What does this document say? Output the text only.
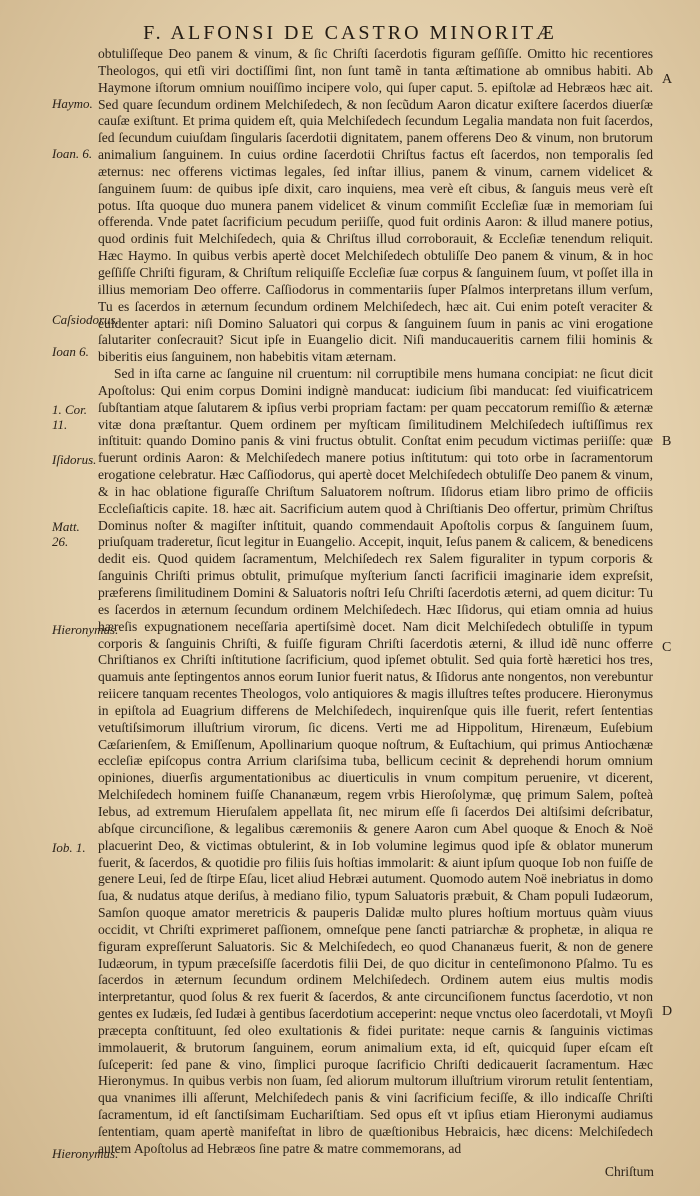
F. ALFONSI DE CASTRO MINORITÆ

obtuliſſeque Deo panem & vinum, & ſic Chriſti ſacerdotis figuram geſſiſſe. Omitto hic recentiores Theologos, qui etſi viri doctiſſimi ſint, non ſunt tamẽ in tanta æſtimatione ab omnibus habiti. Ab Haymone iſtorum omnium nouiſſimo incipere volo, qui ſuper caput. 5. epiſtolæ ad Hebræos hæc ait. Sed quare ſecundum ordinem Melchiſedech, & non ſecũdum Aaron dicatur exiſtere ſacerdos diuerſæ cauſæ exiſtunt. Et prima quidem eſt, quia Melchiſedech ſecundum Legalia mandata non fuit ſacerdos, ſed ſecundum cuiuſdam ſingularis ſacerdotii dignitatem, panem offerens Deo & vinum, non brutorum animalium ſanguinem. In cuius ordine ſacerdotii Chriſtus factus eſt ſacerdos, non temporalis ſed æternus: nec offerens victimas legales, ſed inſtar illius, panem & vinum, carnem videlicet & ſanguinem ſuum: de quibus ipſe dixit, caro inquiens, mea verè eſt cibus, & ſanguis meus verè eſt potus. Iſta quoque duo munera panem videlicet & vinum commiſit Eccleſiæ ſuæ in memoriam ſui offerenda. Vnde patet ſacrificium pecudum periiſſe, quod fuit ordinis Aaron: & illud manere potius, quod ordinis fuit Melchiſedech, quia & Chriſtus illud corroborauit, & Eccleſiæ tenendum reliquit. Hæc Haymo. In quibus verbis apertè docet Melchiſedech obtuliſſe Deo panem & vinum, & in hoc geſſiſſe Chriſti figuram, & Chriſtum reliquiſſe Eccleſiæ ſuæ corpus & ſanguinem ſuum, vt poſſet illa in illius memoriam Deo offerre. Caſſiodorus in commentariis ſuper Pſalmos interpretans illum verſum, Tu es ſacerdos in æternum ſecundum ordinem Melchiſedech, hæc ait. Cui enim poteſt veraciter & euidenter aptari: niſi Domino Saluatori qui corpus & ſanguinem ſuum in panis ac vini erogatione ſalutariter conſecrauit? Sicut ipſe in Euangelio dicit. Niſi manducaueritis carnem filii hominis & biberitis eius ſanguinem, non habebitis vitam æternam.

Sed in iſta carne ac ſanguine nil cruentum: nil corruptibile mens humana concipiat: ne ſicut dicit Apoſtolus: Qui enim corpus Domini indignè manducat: iudicium ſibi manducat: ſed viuificatricem ſubſtantiam atque ſalutarem & ipſius verbi propriam factam: per quam peccatorum remiſſio & æternæ vitæ dona præſtantur. Quem ordinem per myſticam ſimilitudinem Melchiſedech iuſtiſſimus rex inſtituit: quando Domino panis & vini fructus obtulit. Conſtat enim pecudum victimas periiſſe: quæ fuerunt ordinis Aaron: & Melchiſedech manere potius inſtitutum: qui toto orbe in ſacramentorum erogatione celebratur. Hæc Caſſiodorus, qui apertè docet Melchiſedech obtuliſſe Deo panem & vinum, & in hac oblatione figuraſſe Chriſtum Saluatorem noſtrum. Iſidorus etiam libro primo de officiis Eccleſiaſticis capite. 18. hæc ait. Sacrificium autem quod à Chriſtianis Deo offertur, primùm Chriſtus Dominus noſter & magiſter inſtituit, quando commendauit Apoſtolis corpus & ſanguinem ſuum, priuſquam traderetur, ſicut legitur in Euangelio. Accepit, inquit, Ieſus panem & calicem, & benedicens dedit eis. Quod quidem ſacramentum, Melchiſedech rex Salem figuraliter in typum corporis & ſanguinis Chriſti primus obtulit, primuſque myſterium ſancti ſacrificii imaginarie idem expreſsit, præferens ſimilitudinem Domini & Saluatoris noſtri Ieſu Chriſti ſacerdotis æterni, ad quem dicitur: Tu es ſacerdos in æternum ſecundum ordinem Melchiſedech. Hæc Iſidorus, qui etiam omnia ad huius hæreſis expugnationem neceſſaria apertiſsimè docet. Nam dicit Melchiſedech obtuliſſe in typum corporis & ſanguinis Chriſti, & fuiſſe figuram Chriſti ſacerdotis æterni, & illud idẽ nunc offerre Chriſtianos ex Chriſti inſtitutione ſacrificium, quod ipſemet obtulit. Sed quia fortè hæretici hos tres, quamuis ante ſeptingentos annos eorum Iunior fuerit natus, & Iſidorus ante nongentos, non verebuntur reiicere tanquam recentes Theologos, volo antiquiores & magis illuſtres teſtes producere. Hieronymus in epiſtola ad Euagrium differens de Melchiſedech, inquirenſque quis ille fuerit, refert ſententias vetuſtiſsimorum illuſtrium virorum, ſic dicens. Verti me ad Hippolitum, Hirenæum, Euſebium Cæſarienſem, & Emiſſenum, Apollinarium quoque noſtrum, & Euſtachium, qui primus Antiochænæ eccleſiæ epiſcopus contra Arrium clariſsima tuba, bellicum cecinit & deprehendi horum omnium opiniones, diuerſis argumentationibus ac diuerticulis in vnum compitum peruenire, vt dicerent, Melchiſedech hominem fuiſſe Chananæum, regem vrbis Hieroſolymæ, quę primum Salem, poſteà Iebus, ad extremum Hieruſalem appellata ſit, nec mirum eſſe ſi ſacerdos Dei altiſsimi deſcribatur, abſque circunciſione, & legalibus cæremoniis & genere Aaron cum Abel quoque & Enoch & Noë placuerint Deo, & victimas obtulerint, & in Iob volumine legimus quod ipſe & oblator munerum fuerit, & ſacerdos, & quotidie pro filiis ſuis hoſtias immolarit: & aiunt ipſum quoque Iob non fuiſſe de genere Leui, ſed de ſtirpe Eſau, licet aliud Hebræi autument. Quomodo autem Noë inebriatus in domo ſua, & nudatus atque deriſus, à mediano filio, typum Saluatoris præbuit, & Cham populi Iudæorum, Samſon quoque amator meretricis & pauperis Dalidæ multo plures hoſtium mortuus quàm viuus occidit, vt Chriſti exprimeret paſſionem, omneſque pene ſancti patriarchæ & prophetæ, in aliqua re figuram expreſſerunt Saluatoris. Sic & Melchiſedech, eo quod Chananæus fuerit, & non de genere Iudæorum, in typum præceſsiſſe ſacerdotis filii Dei, de quo dicitur in centeſimonono Pſalmo. Tu es ſacerdos in æternum ſecundum ordinem Melchiſedech. Ordinem autem eius multis modis interpretantur, quod ſolus & rex fuerit & ſacerdos, & ante circunciſionem functus ſacerdotio, vt non gentes ex Iudæis, ſed Iudæi à gentibus ſacerdotium acceperint: neque vnctus oleo ſacerdotali, vt Moyſi præcepta conſtituunt, ſed oleo exultationis & fidei puritate: neque carnis & ſanguinis victimas immolauerit, & brutorum ſanguinem, eorum animalium exta, id eſt, quicquid ſuper eſcam eſt ſuſceperit: ſed pane & vino, ſimplici puroque ſacrificio Chriſti dedicauerit ſacramentum. Hæc Hieronymus. In quibus verbis non ſuam, ſed aliorum multorum illuſtrium virorum retulit ſententiam, qua vnanimes illi aſſerunt, Melchiſedech panis & vini ſacrificium feciſſe, & illo indicaſſe Chriſti ſacramentum, id eſt ſanctiſsimam Euchariſtiam. Sed opus eſt vt ipſius etiam Hieronymi audiamus ſententiam, quam apertè manifeſtat in libro de quæſtionibus Hebraicis, hæc dicens: Melchiſedech autem Apoſtolus ad Hebræos ſine patre & matre commemorans, ad

Haymo.
Ioan. 6.
Caſsiodorus.
Ioan 6.
1. Cor. 11.
Iſidorus.
Matt. 26.
Hieronymus.
Iob. 1.
Hieronymus.
A
B
C
D
Chriſtum
